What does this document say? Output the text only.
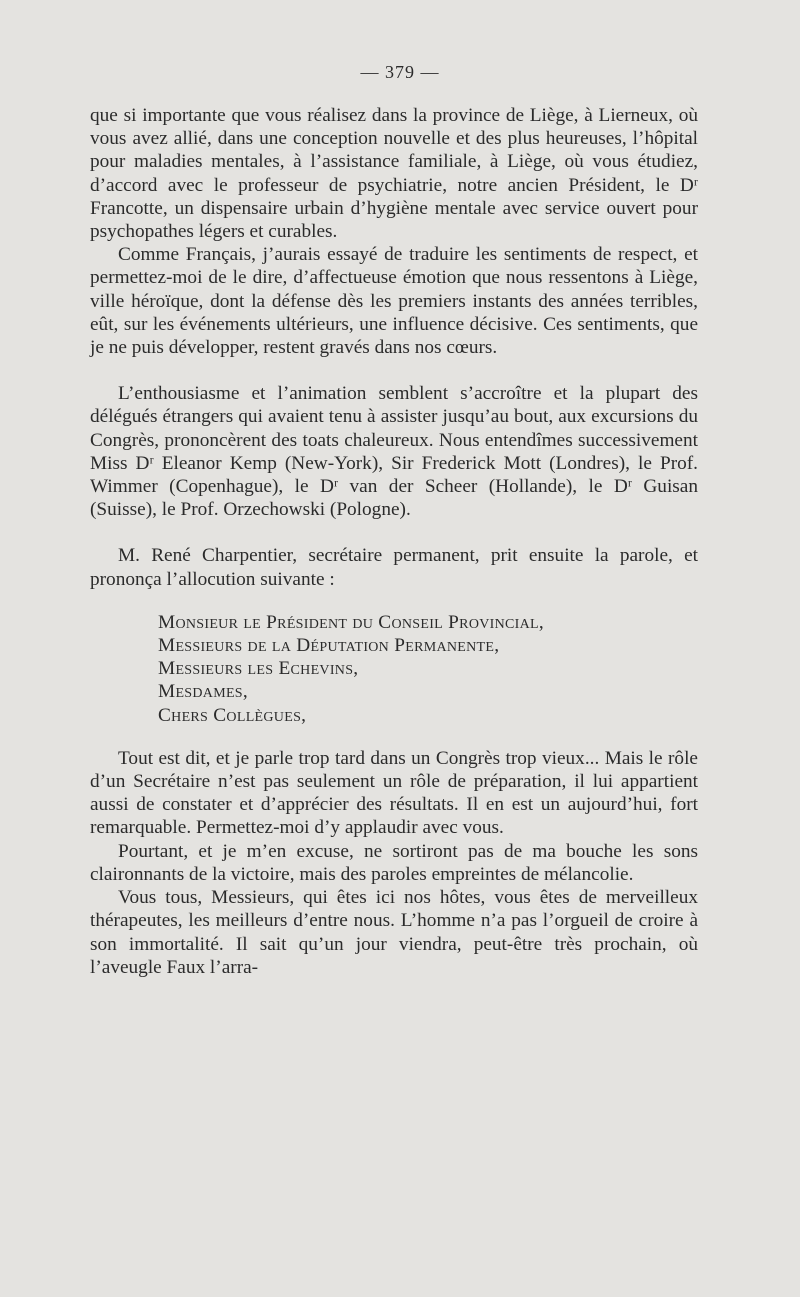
— 379 —

que si importante que vous réalisez dans la province de Liège, à Lierneux, où vous avez allié, dans une conception nouvelle et des plus heureuses, l’hôpital pour maladies mentales, à l’assistance familiale, à Liège, où vous étudiez, d’accord avec le professeur de psychiatrie, notre ancien Président, le Dʳ Francotte, un dispensaire urbain d’hygiène mentale avec service ouvert pour psychopathes légers et curables.

Comme Français, j’aurais essayé de traduire les sentiments de respect, et permettez-moi de le dire, d’affectueuse émotion que nous ressentons à Liège, ville héroïque, dont la défense dès les premiers instants des années terribles, eût, sur les événements ultérieurs, une influence décisive. Ces sentiments, que je ne puis développer, restent gravés dans nos cœurs.

L’enthousiasme et l’animation semblent s’accroître et la plupart des délégués étrangers qui avaient tenu à assister jusqu’au bout, aux excursions du Congrès, prononcèrent des toats chaleureux. Nous entendîmes successivement Miss Dʳ Eleanor Kemp (New-York), Sir Frederick Mott (Londres), le Prof. Wimmer (Copenhague), le Dʳ van der Scheer (Hollande), le Dʳ Guisan (Suisse), le Prof. Orzechowski (Pologne).

M. René Charpentier, secrétaire permanent, prit ensuite la parole, et prononça l’allocution suivante :

Monsieur le Président du Conseil Provincial,
Messieurs de la Députation Permanente,
Messieurs les Echevins,
Mesdames,
Chers Collègues,

Tout est dit, et je parle trop tard dans un Congrès trop vieux... Mais le rôle d’un Secrétaire n’est pas seulement un rôle de préparation, il lui appartient aussi de constater et d’apprécier des résultats. Il en est un aujourd’hui, fort remarquable. Permettez-moi d’y applaudir avec vous.

Pourtant, et je m’en excuse, ne sortiront pas de ma bouche les sons claironnants de la victoire, mais des paroles empreintes de mélancolie.

Vous tous, Messieurs, qui êtes ici nos hôtes, vous êtes de merveilleux thérapeutes, les meilleurs d’entre nous. L’homme n’a pas l’orgueil de croire à son immortalité. Il sait qu’un jour viendra, peut-être très prochain, où l’aveugle Faux l’arra-
